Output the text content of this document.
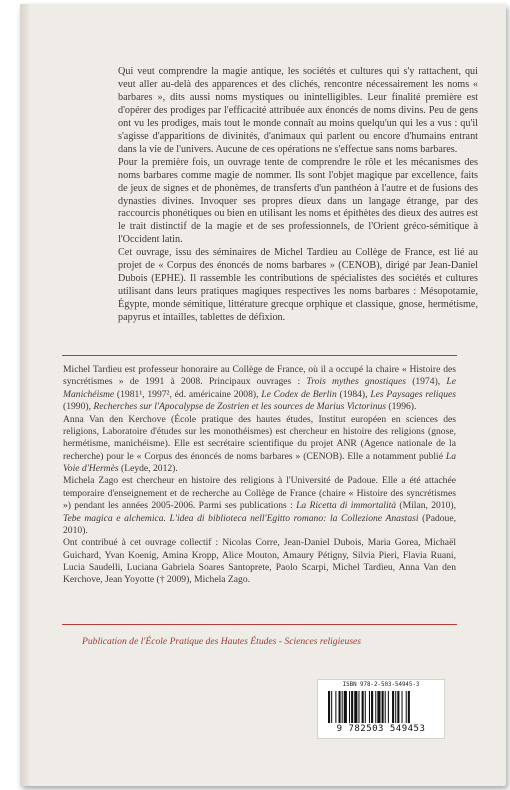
Qui veut comprendre la magie antique, les sociétés et cultures qui s'y rattachent, qui veut aller au-delà des apparences et des clichés, rencontre nécessairement les noms « barbares », dits aussi noms mystiques ou inintelligibles. Leur finalité première est d'opérer des prodiges par l'efficacité attribuée aux énoncés de noms divins. Peu de gens ont vu les prodiges, mais tout le monde connaît au moins quelqu'un qui les a vus : qu'il s'agisse d'apparitions de divinités, d'animaux qui parlent ou encore d'humains entrant dans la vie de l'univers. Aucune de ces opérations ne s'effectue sans noms barbares.

Pour la première fois, un ouvrage tente de comprendre le rôle et les mécanismes des noms barbares comme magie de nommer. Ils sont l'objet magique par excellence, faits de jeux de signes et de phonèmes, de transferts d'un panthéon à l'autre et de fusions des dynasties divines. Invoquer ses propres dieux dans un langage étrange, par des raccourcis phonétiques ou bien en utilisant les noms et épithètes des dieux des autres est le trait distinctif de la magie et de ses professionnels, de l'Orient gréco-sémitique à l'Occident latin.

Cet ouvrage, issu des séminaires de Michel Tardieu au Collège de France, est lié au projet de « Corpus des énoncés de noms barbares » (CENOB), dirigé par Jean-Daniel Dubois (EPHE). Il rassemble les contributions de spécialistes des sociétés et cultures utilisant dans leurs pratiques magiques respectives les noms barbares : Mésopotamie, Égypte, monde sémitique, littérature grecque orphique et classique, gnose, hermétisme, papyrus et intailles, tablettes de défixion.

Michel Tardieu est professeur honoraire au Collège de France, où il a occupé la chaire « Histoire des syncrétismes » de 1991 à 2008. Principaux ouvrages : Trois mythes gnostiques (1974), Le Manichéisme (1981¹, 1997², éd. américaine 2008), Le Codex de Berlin (1984), Les Paysages reliques (1990), Recherches sur l'Apocalypse de Zostrien et les sources de Marius Victorinus (1996).

Anna Van den Kerchove (École pratique des hautes études, Institut européen en sciences des religions, Laboratoire d'études sur les monothéismes) est chercheur en histoire des religions (gnose, hermétisme, manichéisme). Elle est secrétaire scientifique du projet ANR (Agence nationale de la recherche) pour le « Corpus des énoncés de noms barbares » (CENOB). Elle a notamment publié La Voie d'Hermès (Leyde, 2012).

Michela Zago est chercheur en histoire des religions à l'Université de Padoue. Elle a été attachée temporaire d'enseignement et de recherche au Collège de France (chaire « Histoire des syncrétismes ») pendant les années 2005-2006. Parmi ses publications : La Ricetta di immortalità (Milan, 2010), Tebe magica e alchemica. L'idea di biblioteca nell'Egitto romano: la Collezione Anastasi (Padoue, 2010).

Ont contribué à cet ouvrage collectif : Nicolas Corre, Jean-Daniel Dubois, Maria Gorea, Michaël Guichard, Yvan Koenig, Amina Kropp, Alice Mouton, Amaury Pétigny, Silvia Pieri, Flavia Ruani, Lucia Saudelli, Luciana Gabriela Soares Santoprete, Paolo Scarpi, Michel Tardieu, Anna Van den Kerchove, Jean Yoyotte († 2009), Michela Zago.

Publication de l'École Pratique des Hautes Études - Sciences religieuses
ISBN 978-2-503-54945-3
9 782503 549453
